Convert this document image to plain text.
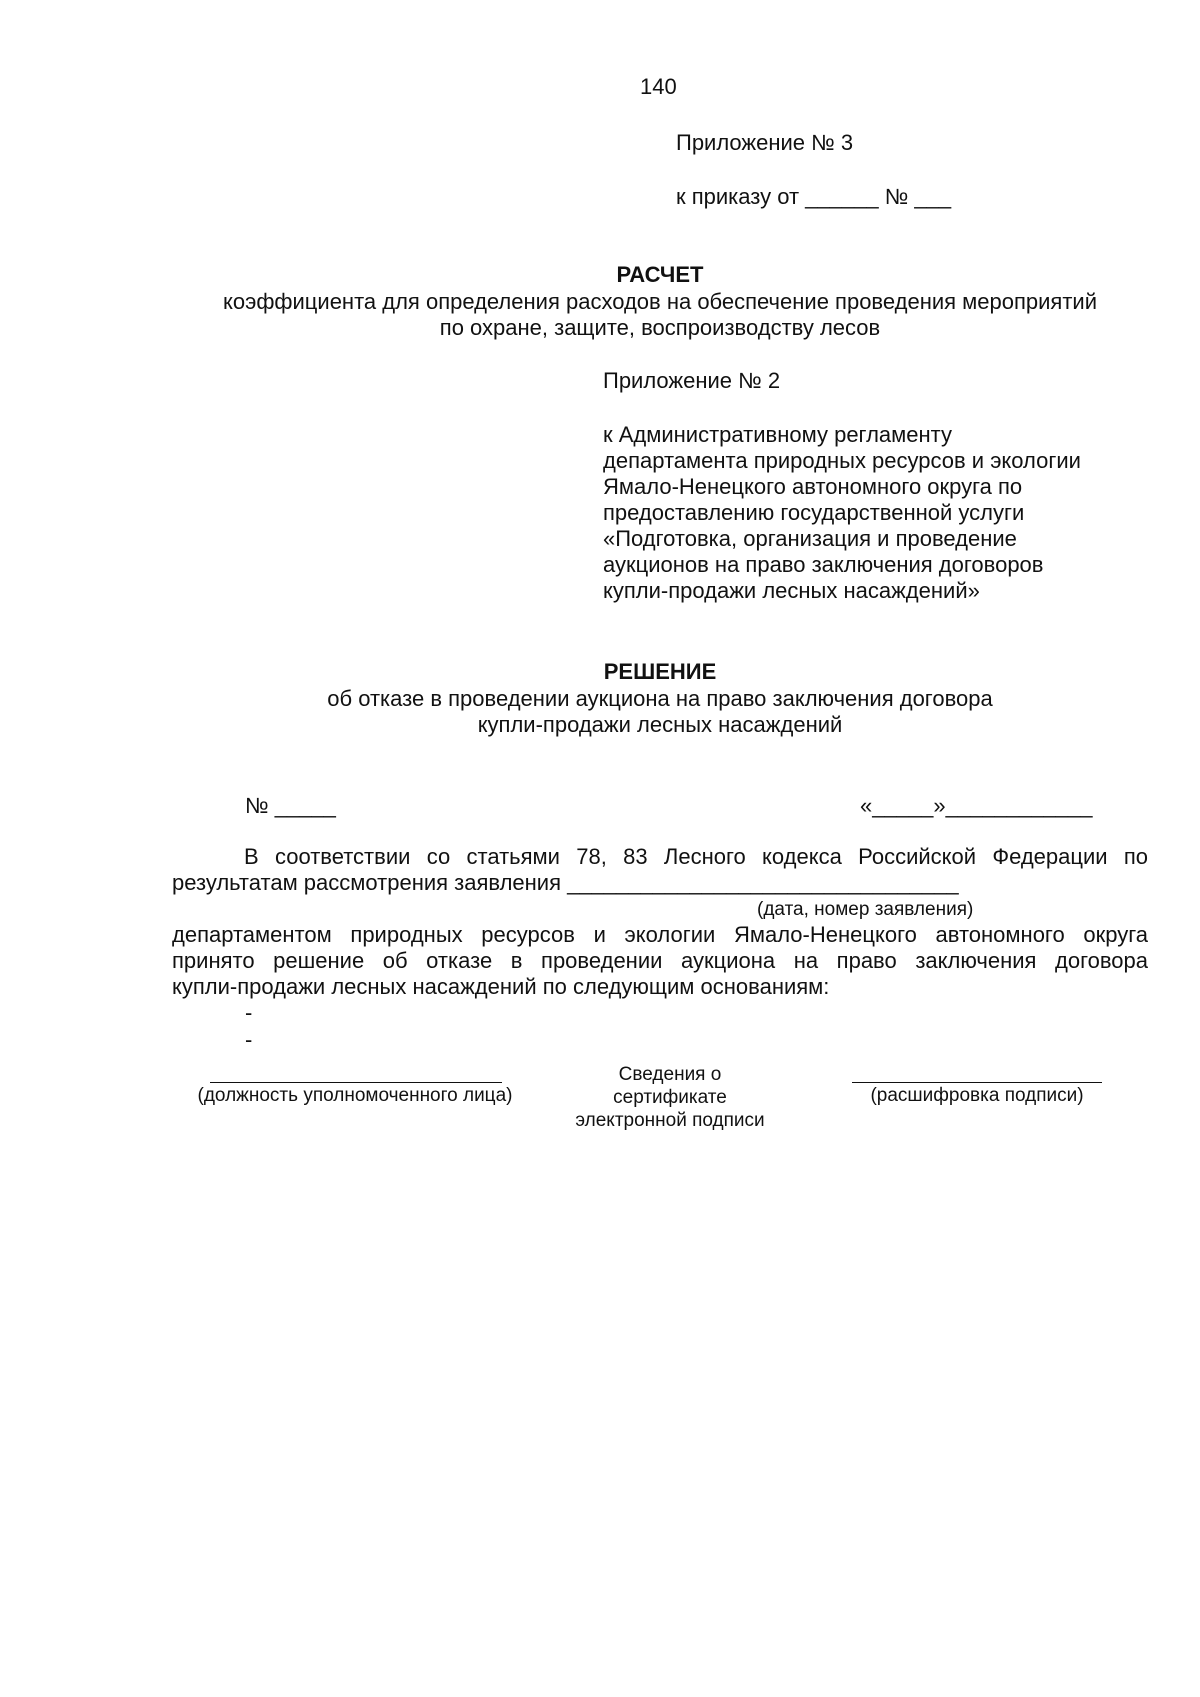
140
Приложение № 3
к приказу от ______ № ___
РАСЧЕТ
коэффициента для определения расходов на обеспечение проведения мероприятий
по охране, защите, воспроизводству лесов
Приложение № 2
к Административному регламенту
департамента природных ресурсов и экологии
Ямало-Ненецкого автономного округа по
предоставлению государственной услуги
«Подготовка, организация и проведение
аукционов на право заключения договоров
купли-продажи лесных насаждений»
РЕШЕНИЕ
об отказе в проведении аукциона на право заключения договора
купли-продажи лесных насаждений
№ _____	«_____»____________
В соответствии со статьями 78, 83 Лесного кодекса Российской Федерации по
результатам рассмотрения заявления ________________________________
(дата, номер заявления)
департаментом природных ресурсов и экологии Ямало-Ненецкого автономного округа
принято решение об отказе в проведении аукциона на право заключения договора
купли-продажи лесных насаждений по следующим основаниям:
-
-
(должность уполномоченного лица)
Сведения о
сертификате
электронной подписи
(расшифровка подписи)
